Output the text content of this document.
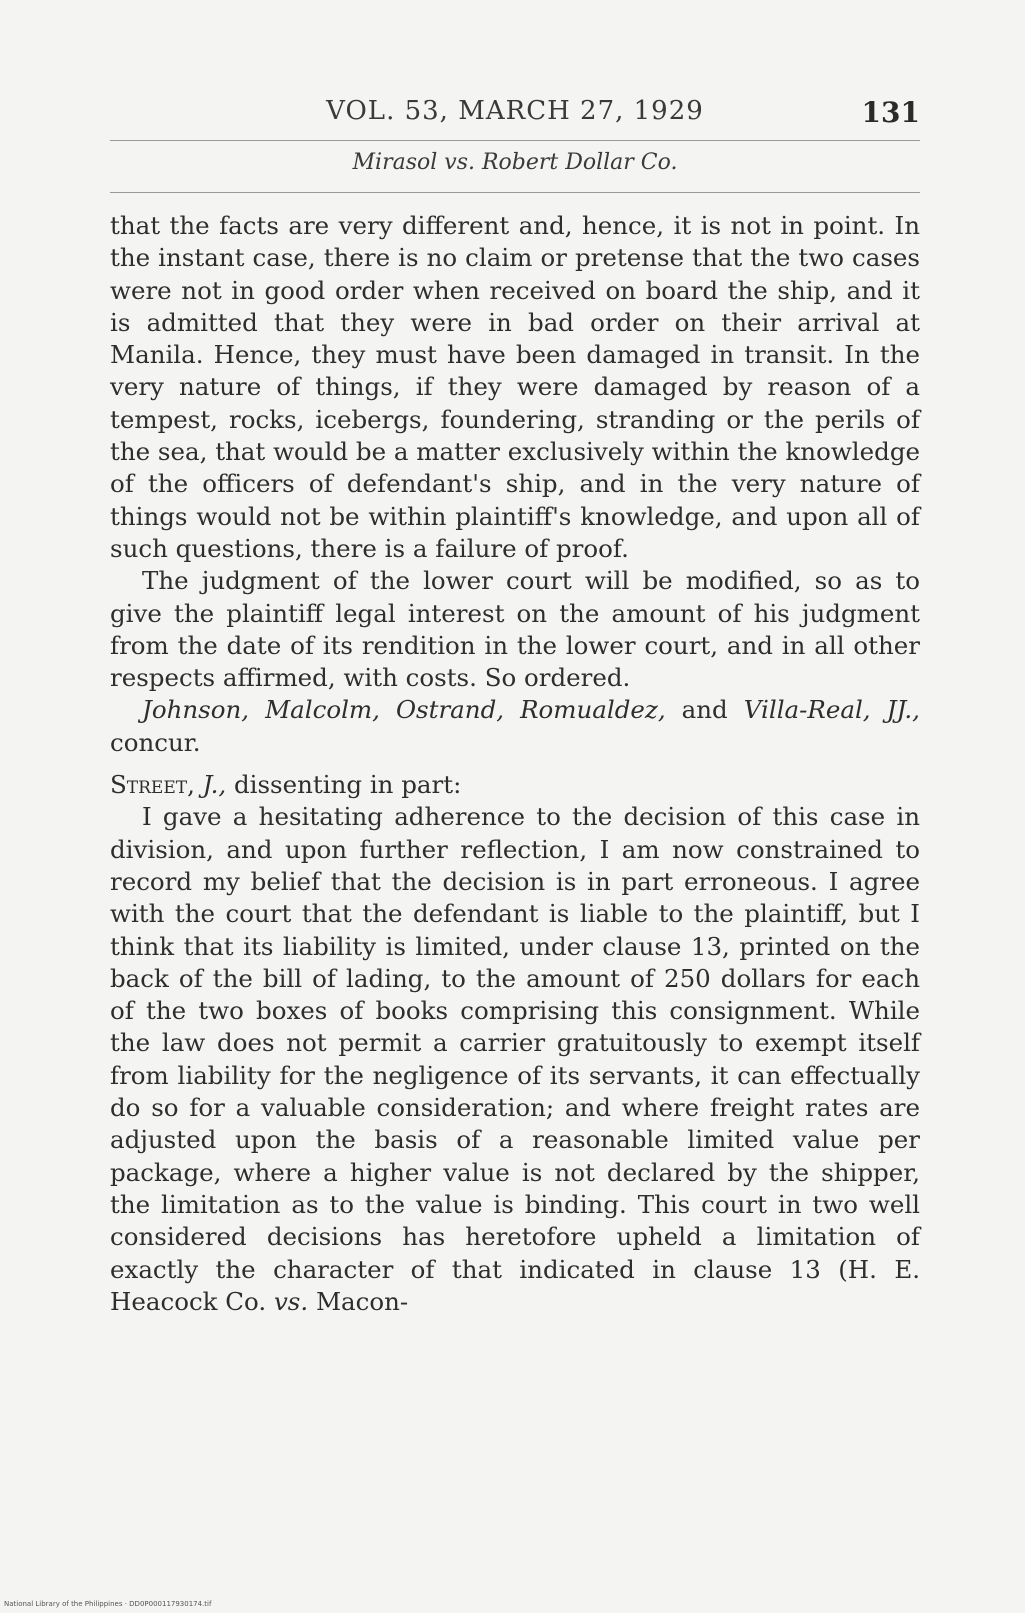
VOL. 53, MARCH 27, 1929	131
Mirasol vs. Robert Dollar Co.

that the facts are very different and, hence, it is not in point. In the instant case, there is no claim or pretense that the two cases were not in good order when received on board the ship, and it is admitted that they were in bad order on their arrival at Manila. Hence, they must have been damaged in transit. In the very nature of things, if they were damaged by reason of a tempest, rocks, icebergs, foundering, stranding or the perils of the sea, that would be a matter exclusively within the knowledge of the officers of defendant's ship, and in the very nature of things would not be within plaintiff's knowledge, and upon all of such questions, there is a failure of proof.

The judgment of the lower court will be modified, so as to give the plaintiff legal interest on the amount of his judgment from the date of its rendition in the lower court, and in all other respects affirmed, with costs. So ordered.

Johnson, Malcolm, Ostrand, Romualdez, and Villa-Real, JJ., concur.

Street, J., dissenting in part:

I gave a hesitating adherence to the decision of this case in division, and upon further reflection, I am now constrained to record my belief that the decision is in part erroneous. I agree with the court that the defendant is liable to the plaintiff, but I think that its liability is limited, under clause 13, printed on the back of the bill of lading, to the amount of 250 dollars for each of the two boxes of books comprising this consignment. While the law does not permit a carrier gratuitously to exempt itself from liability for the negligence of its servants, it can effectually do so for a valuable consideration; and where freight rates are adjusted upon the basis of a reasonable limited value per package, where a higher value is not declared by the shipper, the limitation as to the value is binding. This court in two well considered decisions has heretofore upheld a limitation of exactly the character of that indicated in clause 13 (H. E. Heacock Co. vs. Macon-

National Library of the Philippines · DD0P000117930174.tif
